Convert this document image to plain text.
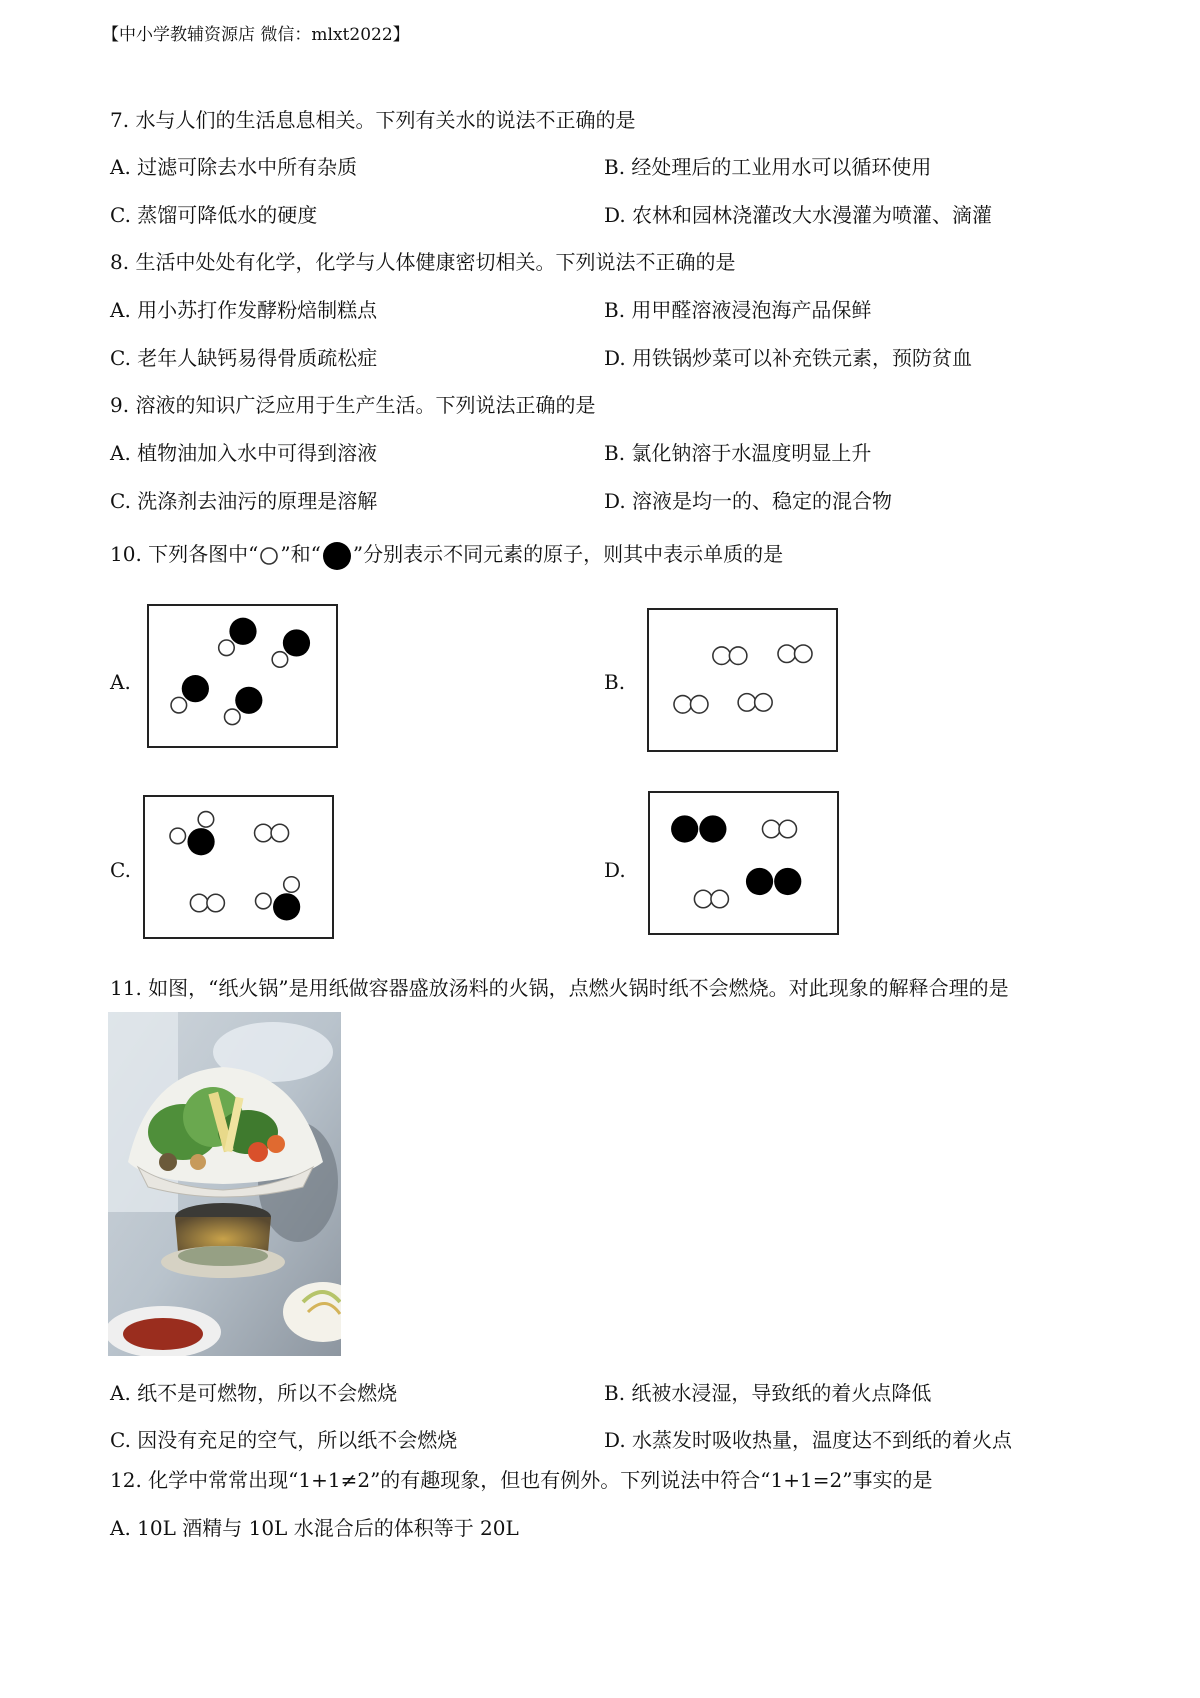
【中小学教辅资源店 微信：mlxt2022】
7. 水与人们的生活息息相关。下列有关水的说法不正确的是
A. 过滤可除去水中所有杂质	B. 经处理后的工业用水可以循环使用
C. 蒸馏可降低水的硬度	D. 农林和园林浇灌改大水漫灌为喷灌、滴灌
8. 生活中处处有化学，化学与人体健康密切相关。下列说法不正确的是
A. 用小苏打作发酵粉焙制糕点	B. 用甲醛溶液浸泡海产品保鲜
C. 老年人缺钙易得骨质疏松症	D. 用铁锅炒菜可以补充铁元素，预防贫血
9. 溶液的知识广泛应用于生产生活。下列说法正确的是
A. 植物油加入水中可得到溶液	B. 氯化钠溶于水温度明显上升
C. 洗涤剂去油污的原理是溶解	D. 溶液是均一的、稳定的混合物
10. 下列各图中“ ”和“ ”分别表示不同元素的原子，则其中表示单质的是
A.	B.
C.	D.
11. 如图，“纸火锅”是用纸做容器盛放汤料的火锅，点燃火锅时纸不会燃烧。对此现象的解释合理的是
A. 纸不是可燃物，所以不会燃烧	B. 纸被水浸湿，导致纸的着火点降低
C. 因没有充足的空气，所以纸不会燃烧	D. 水蒸发时吸收热量，温度达不到纸的着火点
12. 化学中常常出现“1+1≠2”的有趣现象，但也有例外。下列说法中符合“1+1=2”事实的是
A. 10L 酒精与 10L 水混合后的体积等于 20L
